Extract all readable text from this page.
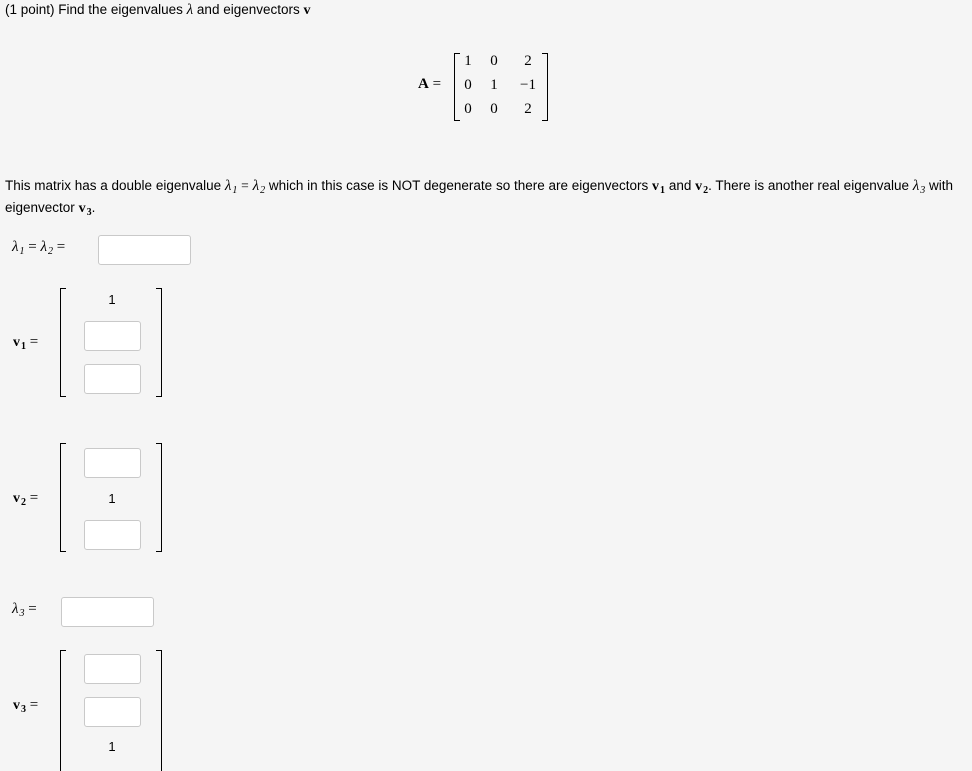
(1 point) Find the eigenvalues λ and eigenvectors v
A =
1	0	2
0	1	−1
0	0	2
This matrix has a double eigenvalue $\lambda_1 = \lambda_2$ which in this case is NOT degenerate so there are eigenvectors $v_1$ and $v_2$. There is another real eigenvalue $\lambda_3$ with eigenvector $v_3$.
$\lambda_1 = \lambda_2$ =
$v_1$ =
1
$v_2$ =	1
$\lambda_3$ =
$v_3$ =
1
